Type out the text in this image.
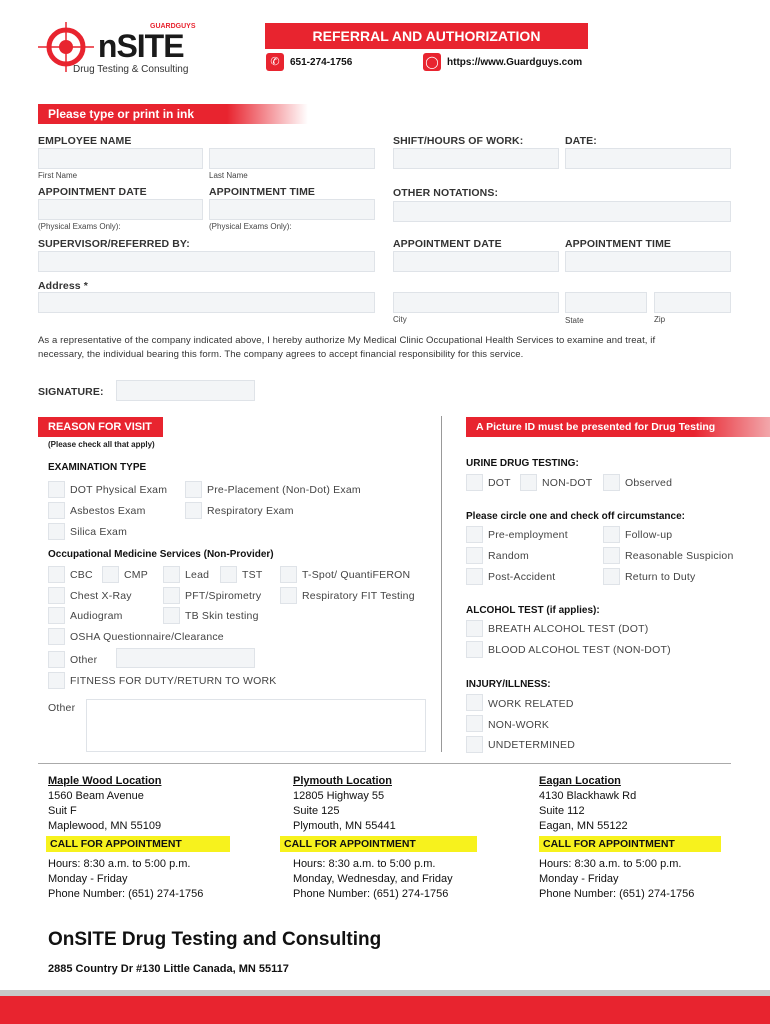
GUARDGUYS
nSITE
Drug Testing & Consulting
REFERRAL AND AUTHORIZATION
✆	651-274-1756	◯ https://www.Guardguys.com
Please type or print in ink
EMPLOYEE NAME	SHIFT/HOURS OF WORK:	DATE:
First Name	Last Name
APPOINTMENT DATE	APPOINTMENT TIME	OTHER NOTATIONS:
(Physical Exams Only):	(Physical Exams Only):
SUPERVISOR/REFERRED BY:	APPOINTMENT DATE	APPOINTMENT TIME
Address *
City	State	Zip
As a representative of the company indicated above, I hereby authorize My Medical Clinic Occupational Health Services to examine and treat, if
necessary, the individual bearing this form. The company agrees to accept financial responsibility for this service.
SIGNATURE:
REASON FOR VISIT
(Please check all that apply)
A Picture ID must be presented for Drug Testing
EXAMINATION TYPE
DOT Physical Exam	Pre-Placement (Non-Dot) Exam
Asbestos Exam	Respiratory Exam
Silica Exam
Occupational Medicine Services (Non-Provider)
CBC	CMP	Lead	TST	T-Spot/ QuantiFERON
Chest X-Ray	PFT/Spirometry	Respiratory FIT Testing
Audiogram	TB Skin testing
OSHA Questionnaire/Clearance
Other
FITNESS FOR DUTY/RETURN TO WORK
Other
URINE DRUG TESTING:
DOT	NON-DOT	Observed
Please circle one and check off circumstance:
Pre-employment	Follow-up
Random	Reasonable Suspicion
Post-Accident	Return to Duty
ALCOHOL TEST (if applies):
BREATH ALCOHOL TEST (DOT)
BLOOD ALCOHOL TEST (NON-DOT)
INJURY/ILLNESS:
WORK RELATED
NON-WORK
UNDETERMINED
Maple Wood Location
1560 Beam Avenue
Suit F
Maplewood, MN 55109
CALL FOR APPOINTMENT
Hours: 8:30 a.m. to 5:00 p.m.
Monday - Friday
Phone Number: (651) 274-1756
Plymouth Location
12805 Highway 55
Suite 125
Plymouth, MN 55441
CALL FOR APPOINTMENT
Hours: 8:30 a.m. to 5:00 p.m.
Monday, Wednesday, and Friday
Phone Number: (651) 274-1756
Eagan Location
4130 Blackhawk Rd
Suite 112
Eagan, MN 55122
CALL FOR APPOINTMENT
Hours: 8:30 a.m. to 5:00 p.m.
Monday - Friday
Phone Number: (651) 274-1756
OnSITE Drug Testing and Consulting
2885 Country Dr #130 Little Canada, MN 55117
